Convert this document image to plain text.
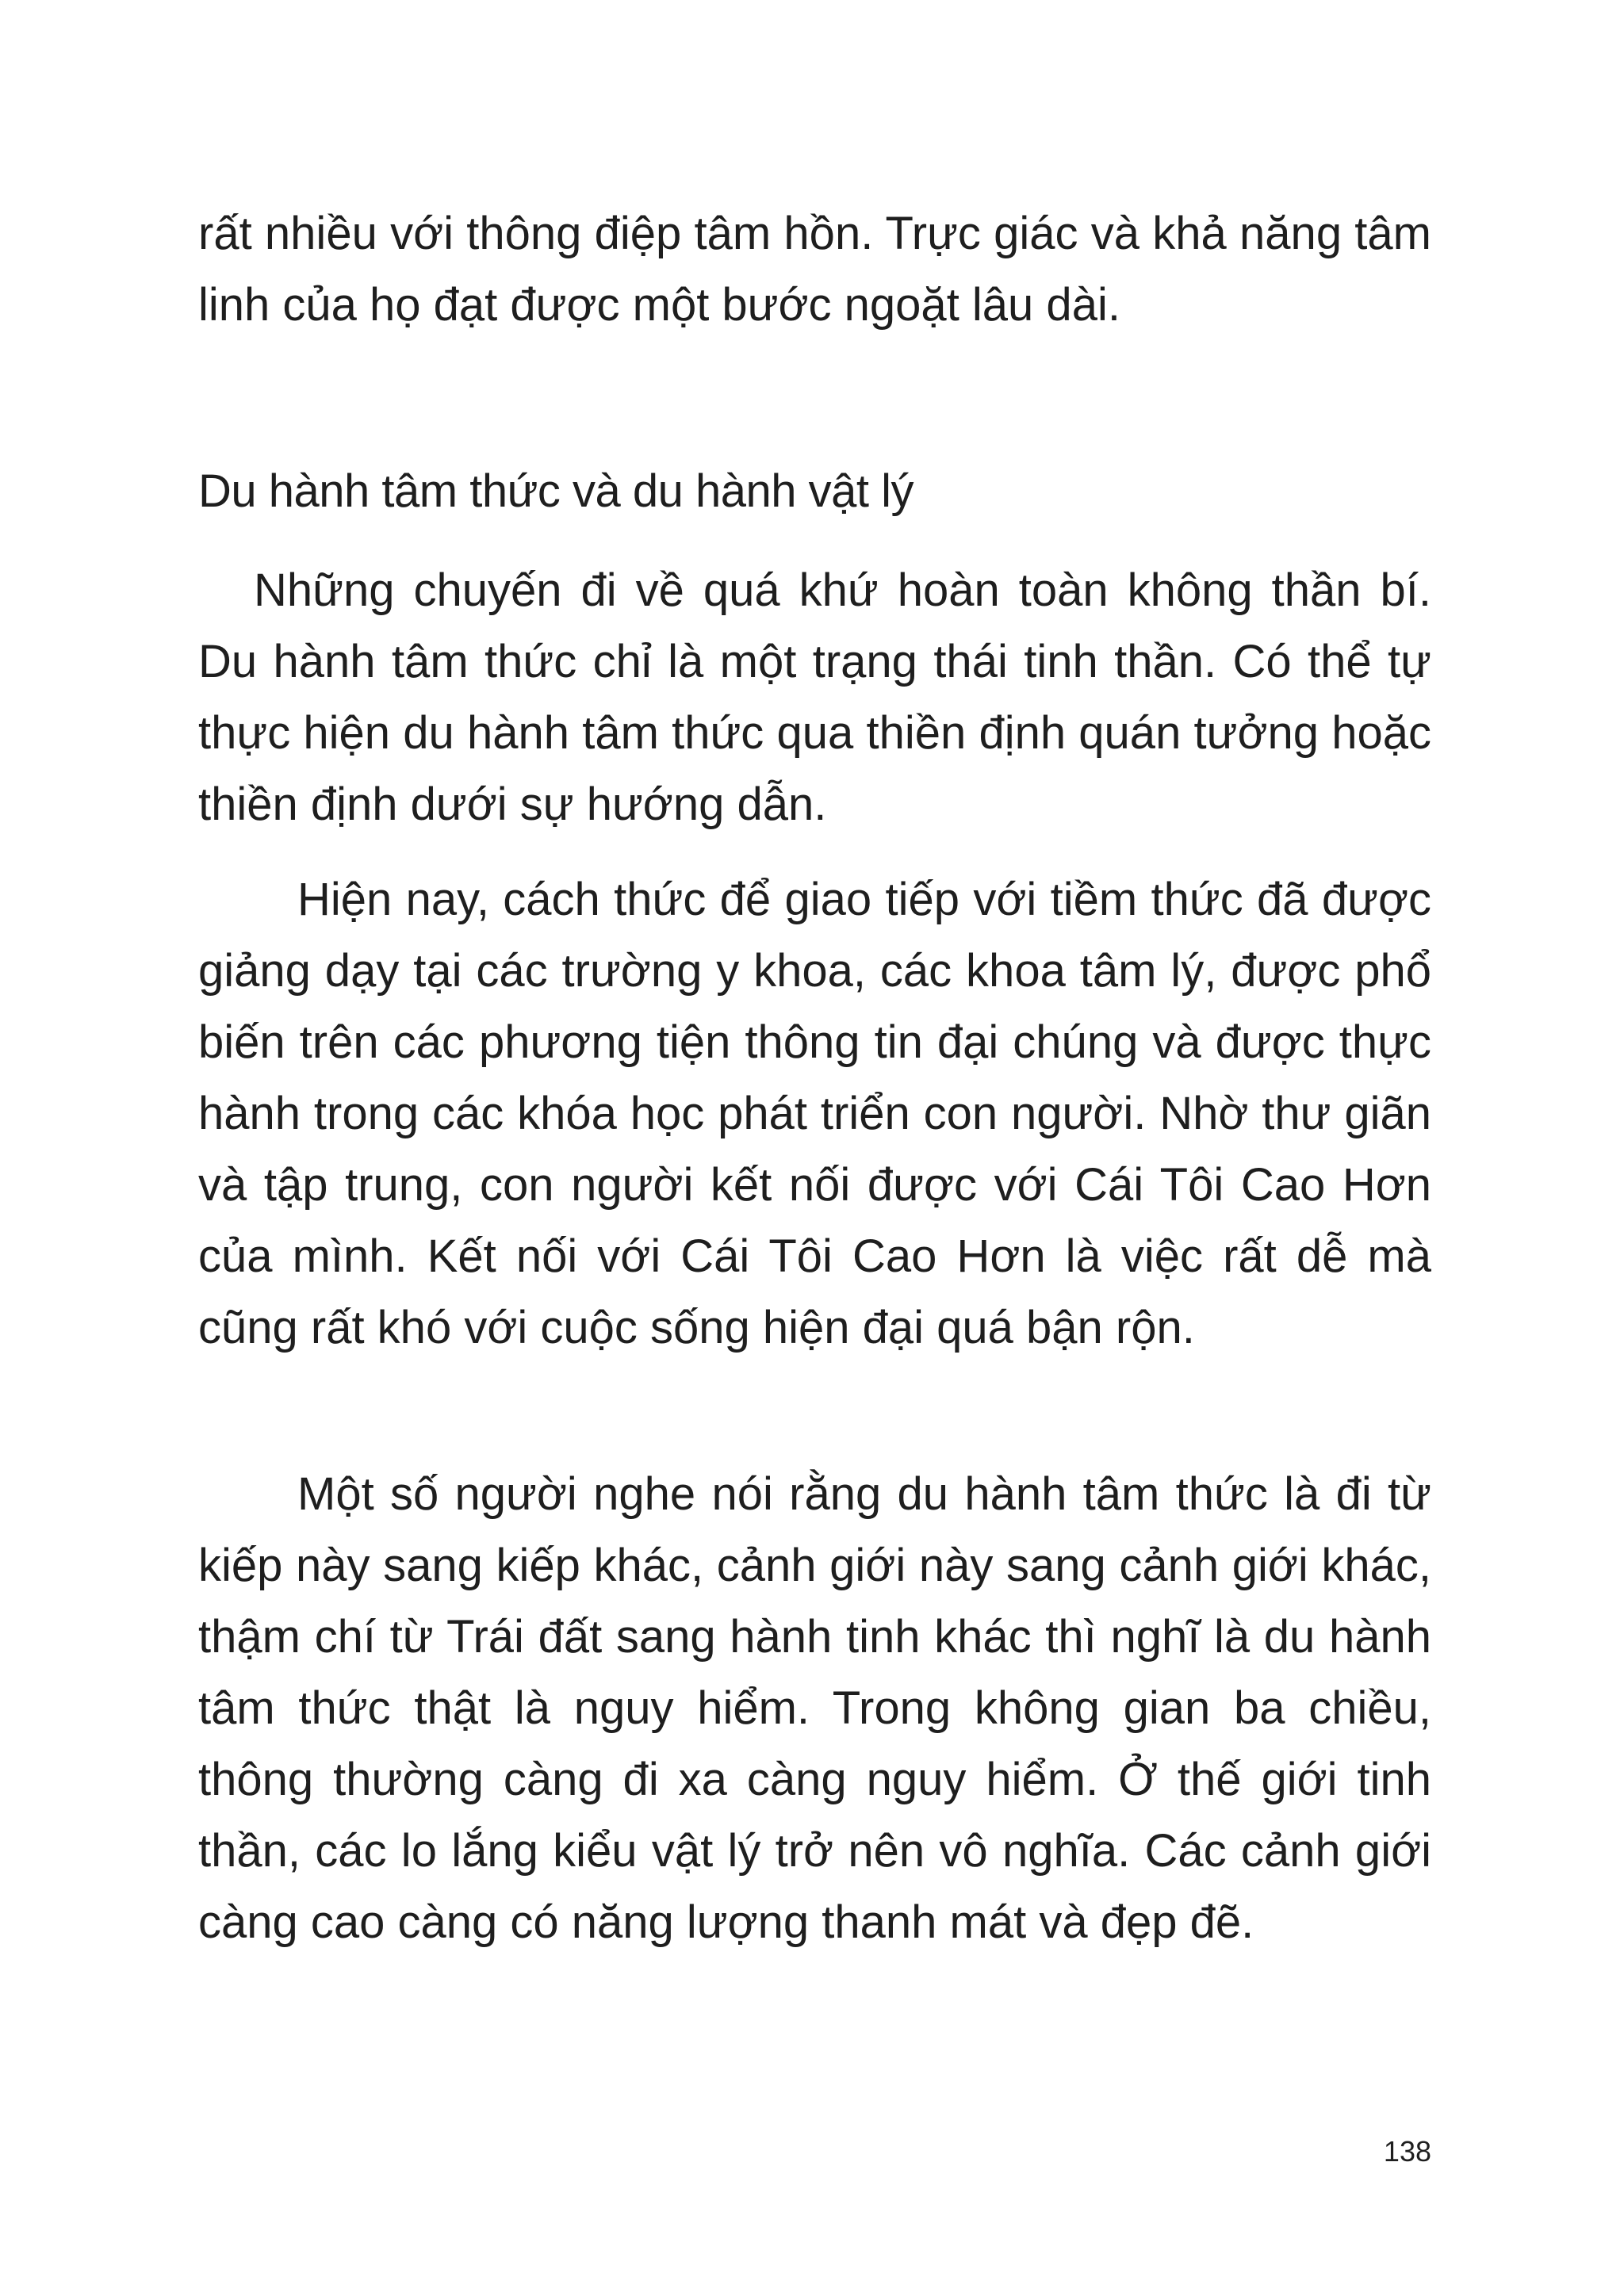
rất nhiều với thông điệp tâm hồn. Trực giác và khả năng tâm linh của họ đạt được một bước ngoặt lâu dài.

Du hành tâm thức và du hành vật lý

Những chuyến đi về quá khứ hoàn toàn không thần bí. Du hành tâm thức chỉ là một trạng thái tinh thần. Có thể tự thực hiện du hành tâm thức qua thiền định quán tưởng hoặc thiền định dưới sự hướng dẫn.

Hiện nay, cách thức để giao tiếp với tiềm thức đã được giảng dạy tại các trường y khoa, các khoa tâm lý, được phổ biến trên các phương tiện thông tin đại chúng và được thực hành trong các khóa học phát triển con người. Nhờ thư giãn và tập trung, con người kết nối được với Cái Tôi Cao Hơn của mình. Kết nối với Cái Tôi Cao Hơn là việc rất dễ mà cũng rất khó với cuộc sống hiện đại quá bận rộn.

Một số người nghe nói rằng du hành tâm thức là đi từ kiếp này sang kiếp khác, cảnh giới này sang cảnh giới khác, thậm chí từ Trái đất sang hành tinh khác thì nghĩ là du hành tâm thức thật là nguy hiểm. Trong không gian ba chiều, thông thường càng đi xa càng nguy hiểm. Ở thế giới tinh thần, các lo lắng kiểu vật lý trở nên vô nghĩa. Các cảnh giới càng cao càng có năng lượng thanh mát và đẹp đẽ.

138
